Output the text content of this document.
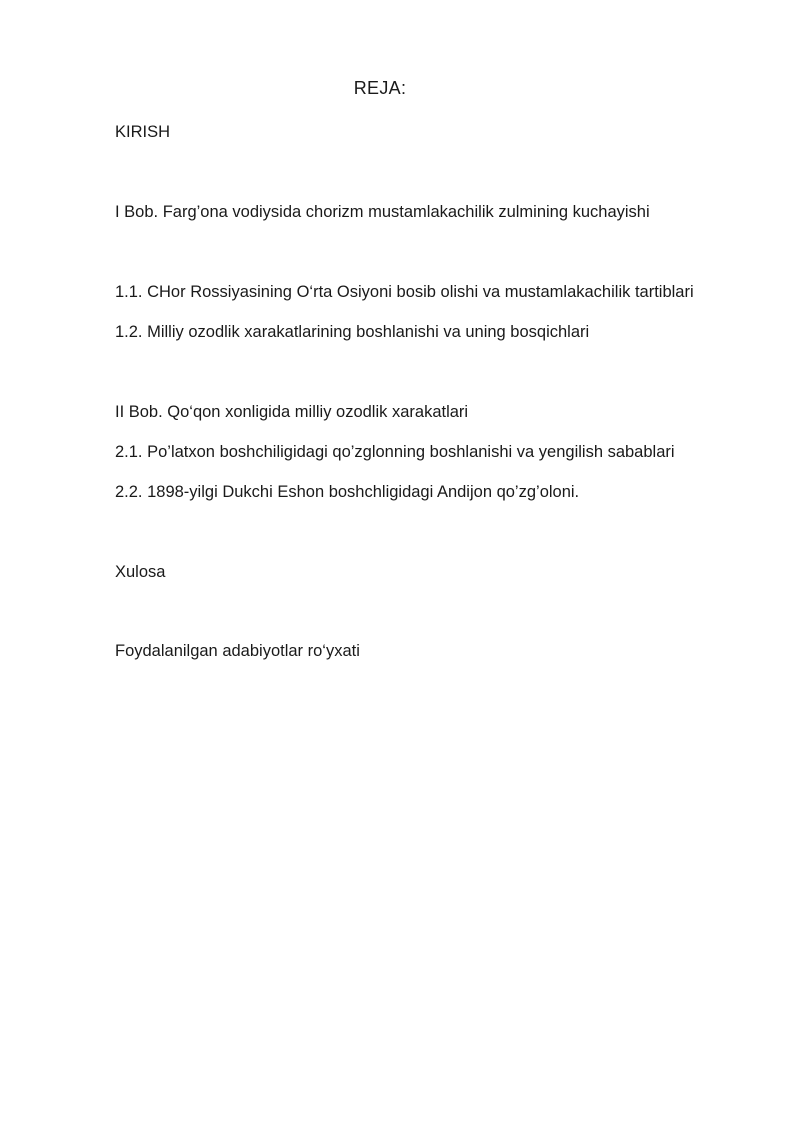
REJA:
KIRISH
I Bob. Farg’ona vodiysida chorizm mustamlakachilik zulmining kuchayishi
1.1. CHor Rossiyasining O‘rta Osiyoni bosib olishi va mustamlakachilik tartiblari
1.2. Milliy ozodlik xarakatlarining boshlanishi va uning bosqichlari
II Bob. Qo‘qon xonligida milliy ozodlik xarakatlari
2.1. Po’latxon boshchiligidagi qo’zglonning boshlanishi va yengilish sabablari
2.2. 1898-yilgi Dukchi Eshon boshchligidagi Andijon qo’zg’oloni.
Xulosa
Foydalanilgan adabiyotlar ro‘yxati
